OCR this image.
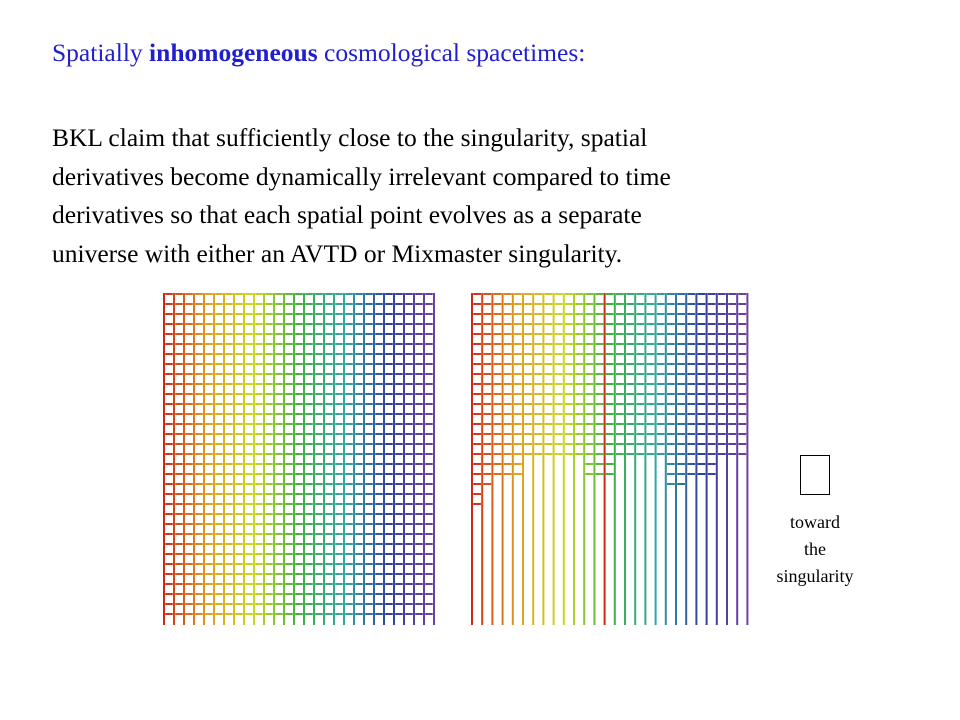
Spatially inhomogeneous cosmological spacetimes:
BKL claim that sufficiently close to the singularity, spatial
derivatives become dynamically irrelevant compared to time
derivatives so that each spatial point evolves as a separate
universe with either an AVTD or Mixmaster singularity.
toward
the
singularity
